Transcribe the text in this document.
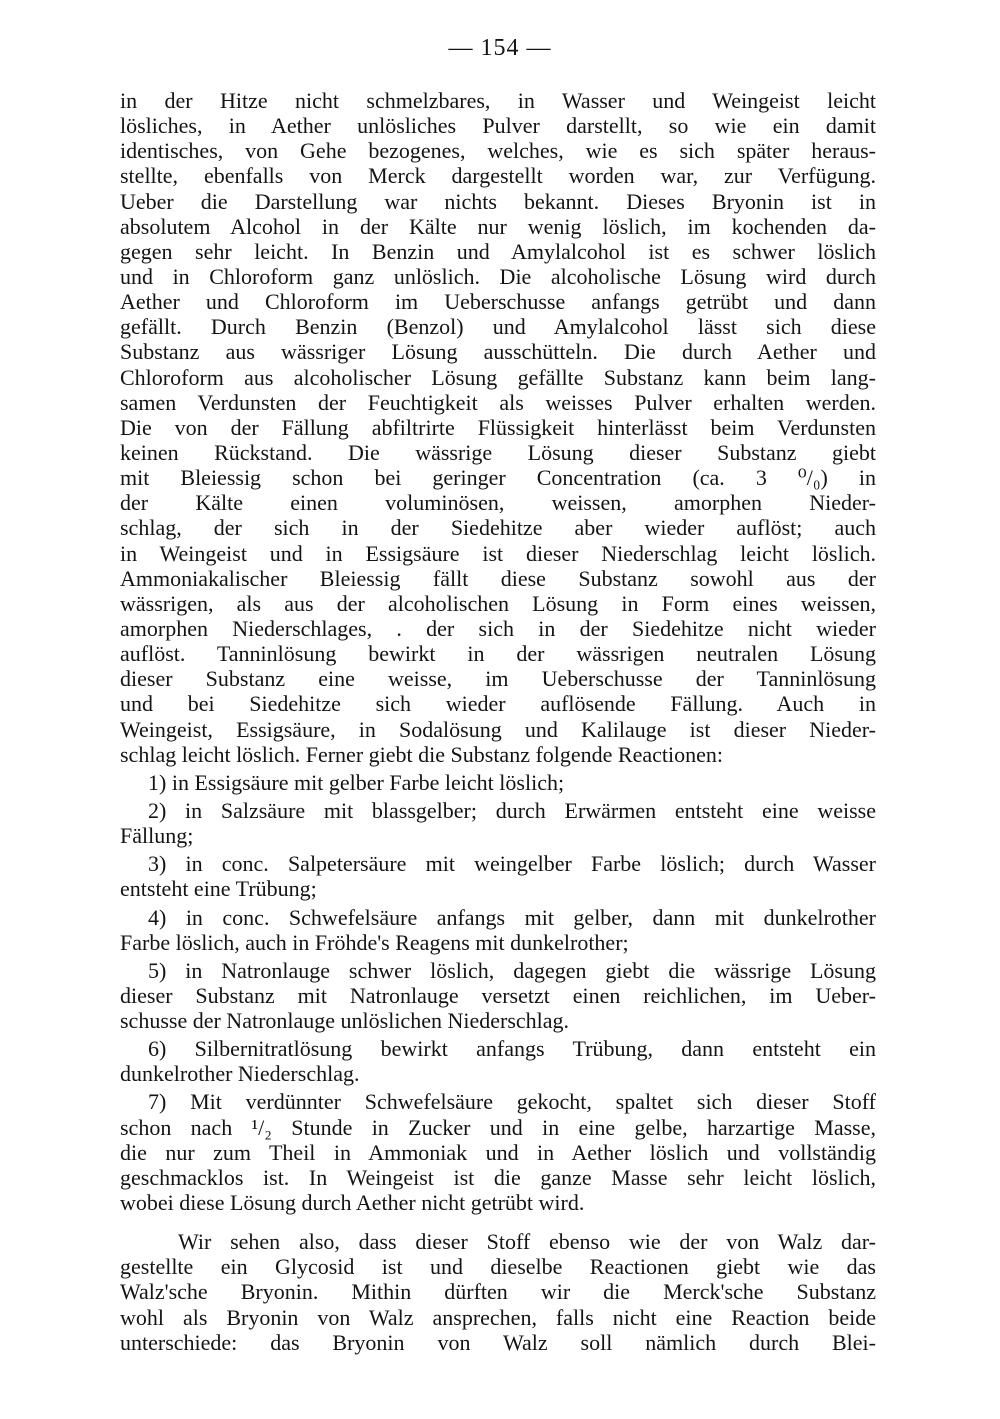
— 154 —
in der Hitze nicht schmelzbares, in Wasser und Weingeist leicht
lösliches, in Aether unlösliches Pulver darstellt, so wie ein damit
identisches, von Gehe bezogenes, welches, wie es sich später heraus-
stellte, ebenfalls von Merck dargestellt worden war, zur Verfügung.
Ueber die Darstellung war nichts bekannt. Dieses Bryonin ist in
absolutem Alcohol in der Kälte nur wenig löslich, im kochenden da-
gegen sehr leicht. In Benzin und Amylalcohol ist es schwer löslich
und in Chloroform ganz unlöslich. Die alcoholische Lösung wird durch
Aether und Chloroform im Ueberschusse anfangs getrübt und dann
gefällt. Durch Benzin (Benzol) und Amylalcohol lässt sich diese
Substanz aus wässriger Lösung ausschütteln. Die durch Aether und
Chloroform aus alcoholischer Lösung gefällte Substanz kann beim lang-
samen Verdunsten der Feuchtigkeit als weisses Pulver erhalten werden.
Die von der Fällung abfiltrirte Flüssigkeit hinterlässt beim Verdunsten
keinen Rückstand. Die wässrige Lösung dieser Substanz giebt
mit Bleiessig schon bei geringer Concentration (ca. 3 ⁰/₀) in
der Kälte einen voluminösen, weissen, amorphen Nieder-
schlag, der sich in der Siedehitze aber wieder auflöst; auch
in Weingeist und in Essigsäure ist dieser Niederschlag leicht löslich.
Ammoniakalischer Bleiessig fällt diese Substanz sowohl aus der
wässrigen, als aus der alcoholischen Lösung in Form eines weissen,
amorphen Niederschlages, . der sich in der Siedehitze nicht wieder
auflöst. Tanninlösung bewirkt in der wässrigen neutralen Lösung
dieser Substanz eine weisse, im Ueberschusse der Tanninlösung
und bei Siedehitze sich wieder auflösende Fällung. Auch in
Weingeist, Essigsäure, in Sodalösung und Kalilauge ist dieser Nieder-
schlag leicht löslich. Ferner giebt die Substanz folgende Reactionen:
1) in Essigsäure mit gelber Farbe leicht löslich;
2) in Salzsäure mit blassgelber; durch Erwärmen entsteht eine weisse
Fällung;
3) in conc. Salpetersäure mit weingelber Farbe löslich; durch Wasser
entsteht eine Trübung;
4) in conc. Schwefelsäure anfangs mit gelber, dann mit dunkelrother
Farbe löslich, auch in Fröhde's Reagens mit dunkelrother;
5) in Natronlauge schwer löslich, dagegen giebt die wässrige Lösung
dieser Substanz mit Natronlauge versetzt einen reichlichen, im Ueber-
schusse der Natronlauge unlöslichen Niederschlag.
6) Silbernitratlösung bewirkt anfangs Trübung, dann entsteht ein
dunkelrother Niederschlag.
7) Mit verdünnter Schwefelsäure gekocht, spaltet sich dieser Stoff
schon nach ¹/₂ Stunde in Zucker und in eine gelbe, harzartige Masse,
die nur zum Theil in Ammoniak und in Aether löslich und vollständig
geschmacklos ist. In Weingeist ist die ganze Masse sehr leicht löslich,
wobei diese Lösung durch Aether nicht getrübt wird.
Wir sehen also, dass dieser Stoff ebenso wie der von Walz dar-
gestellte ein Glycosid ist und dieselbe Reactionen giebt wie das
Walz'sche Bryonin. Mithin dürften wir die Merck'sche Substanz
wohl als Bryonin von Walz ansprechen, falls nicht eine Reaction beide
unterschiede: das Bryonin von Walz soll nämlich durch Blei-
